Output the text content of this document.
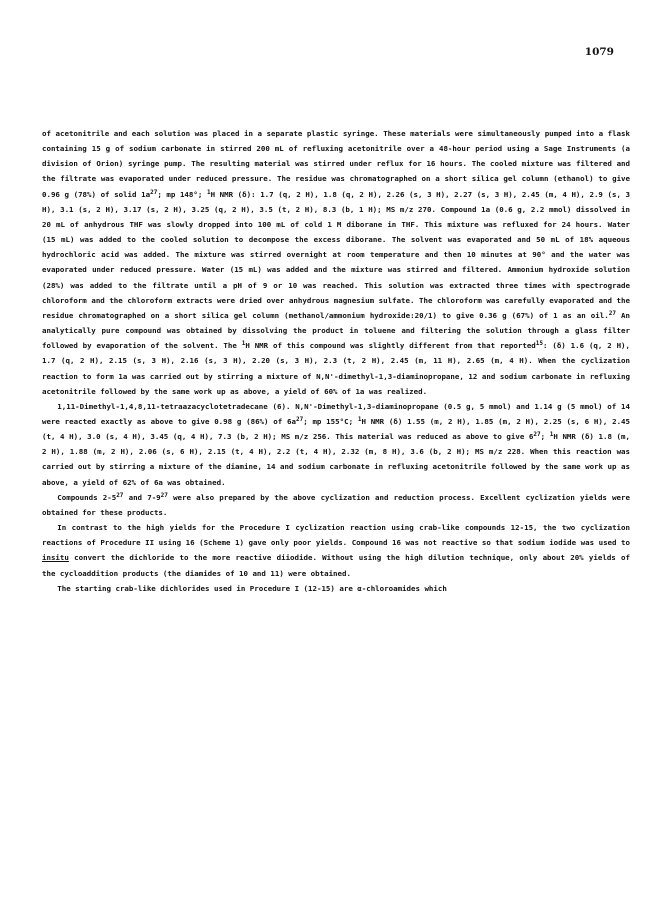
1079

of acetonitrile and each solution was placed in a separate plastic syringe. These materials were simultaneously pumped into a flask containing 15 g of sodium carbonate in stirred 200 mL of refluxing acetonitrile over a 48-hour period using a Sage Instruments (a division of Orion) syringe pump. The resulting material was stirred under reflux for 16 hours. The cooled mixture was filtered and the filtrate was evaporated under reduced pressure. The residue was chromatographed on a short silica gel column (ethanol) to give 0.96 g (78%) of solid $1a^{27}$; mp 148°; $^1$H NMR (δ): 1.7 (q, 2 H), 1.8 (q, 2 H), 2.26 (s, 3 H), 2.27 (s, 3 H), 2.45 (m, 4 H), 2.9 (s, 3 H), 3.1 (s, 2 H), 3.17 (s, 2 H), 3.25 (q, 2 H), 3.5 (t, 2 H), 8.3 (b, 1 H); MS m/z 270. Compound 1a (0.6 g, 2.2 mmol) dissolved in 20 mL of anhydrous THF was slowly dropped into 100 mL of cold 1 M diborane in THF. This mixture was refluxed for 24 hours. Water (15 mL) was added to the cooled solution to decompose the excess diborane. The solvent was evaporated and 50 mL of 18% aqueous hydrochloric acid was added. The mixture was stirred overnight at room temperature and then 10 minutes at 90° and the water was evaporated under reduced pressure. Water (15 mL) was added and the mixture was stirred and filtered. Ammonium hydroxide solution (28%) was added to the filtrate until a pH of 9 or 10 was reached. This solution was extracted three times with spectrograde chloroform and the chloroform extracts were dried over anhydrous magnesium sulfate. The chloroform was carefully evaporated and the residue chromatographed on a short silica gel column (methanol/ammonium hydroxide:20/1) to give 0.36 g (67%) of 1 as an oil.$^{27}$ An analytically pure compound was obtained by dissolving the product in toluene and filtering the solution through a glass filter followed by evaporation of the solvent. The $^1$H NMR of this compound was slightly different from that reported$^{15}$: (δ) 1.6 (q, 2 H), 1.7 (q, 2 H), 2.15 (s, 3 H), 2.16 (s, 3 H), 2.20 (s, 3 H), 2.3 (t, 2 H), 2.45 (m, 11 H), 2.65 (m, 4 H). When the cyclization reaction to form 1a was carried out by stirring a mixture of N,N'-dimethyl-1,3-diaminopropane, 12 and sodium carbonate in refluxing acetonitrile followed by the same work up as above, a yield of 60% of 1a was realized.

1,11-Dimethyl-1,4,8,11-tetraazacyclotetradecane (6). N,N'-Dimethyl-1,3-diaminopropane (0.5 g, 5 mmol) and 1.14 g (5 mmol) of 14 were reacted exactly as above to give 0.98 g (86%) of $6a^{27}$; mp 155°C; $^1$H NMR (δ) 1.55 (m, 2 H), 1.85 (m, 2 H), 2.25 (s, 6 H), 2.45 (t, 4 H), 3.0 (s, 4 H), 3.45 (q, 4 H), 7.3 (b, 2 H); MS m/z 256. This material was reduced as above to give $6^{27}$; $^1$H NMR (δ) 1.8 (m, 2 H), 1.88 (m, 2 H), 2.06 (s, 6 H), 2.15 (t, 4 H), 2.2 (t, 4 H), 2.32 (m, 8 H), 3.6 (b, 2 H); MS m/z 228. When this reaction was carried out by stirring a mixture of the diamine, 14 and sodium carbonate in refluxing acetonitrile followed by the same work up as above, a yield of 62% of 6a was obtained.

Compounds $2-5^{27}$ and $7-9^{27}$ were also prepared by the above cyclization and reduction process. Excellent cyclization yields were obtained for these products.

In contrast to the high yields for the Procedure I cyclization reaction using crab-like compounds 12-15, the two cyclization reactions of Procedure II using 16 (Scheme 1) gave only poor yields. Compound 16 was not reactive so that sodium iodide was used to insitu convert the dichloride to the more reactive diiodide. Without using the high dilution technique, only about 20% yields of the cycloaddition products (the diamides of 10 and 11) were obtained.

The starting crab-like dichlorides used in Procedure I (12-15) are α-chloroamides which
